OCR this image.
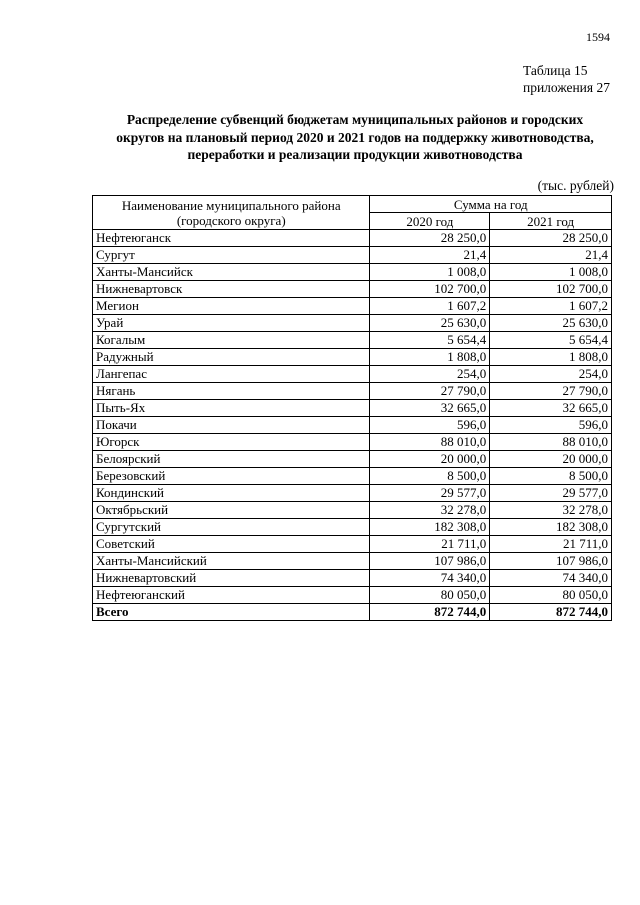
1594
Таблица 15
приложения 27
Распределение субвенций бюджетам муниципальных районов и городских
округов на плановый период 2020 и 2021 годов на поддержку животноводства,
переработки и реализации продукции животноводства
(тыс. рублей)
Наименование муниципального района
(городского округа)	Сумма на год	
	2020 год	2021 год
Нефтеюганск	28 250,0	28 250,0
Сургут	21,4	21,4
Ханты-Мансийск	1 008,0	1 008,0
Нижневартовск	102 700,0	102 700,0
Мегион	1 607,2	1 607,2
Урай	25 630,0	25 630,0
Когалым	5 654,4	5 654,4
Радужный	1 808,0	1 808,0
Лангепас	254,0	254,0
Нягань	27 790,0	27 790,0
Пыть-Ях	32 665,0	32 665,0
Покачи	596,0	596,0
Югорск	88 010,0	88 010,0
Белоярский	20 000,0	20 000,0
Березовский	8 500,0	8 500,0
Кондинский	29 577,0	29 577,0
Октябрьский	32 278,0	32 278,0
Сургутский	182 308,0	182 308,0
Советский	21 711,0	21 711,0
Ханты-Мансийский	107 986,0	107 986,0
Нижневартовский	74 340,0	74 340,0
Нефтеюганский	80 050,0	80 050,0
Всего	872 744,0	872 744,0
